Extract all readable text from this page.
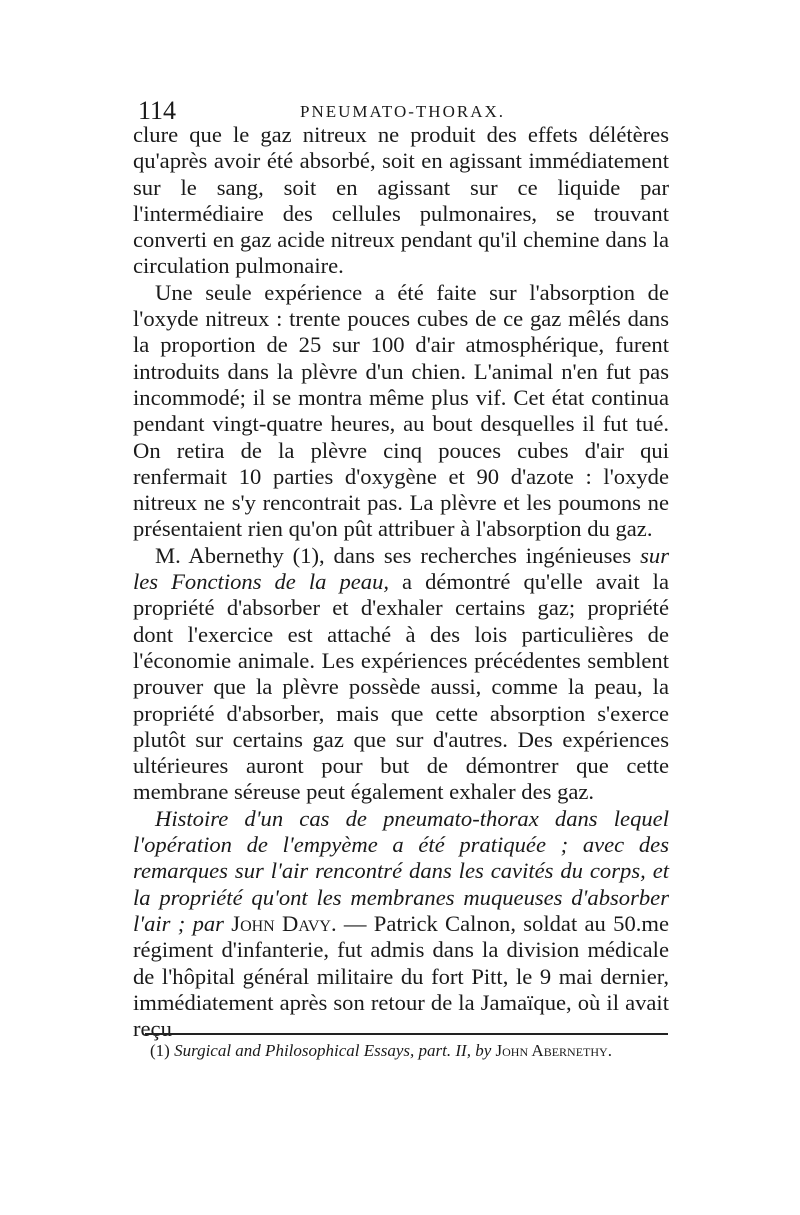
114	PNEUMATO-THORAX.

clure que le gaz nitreux ne produit des effets délétères qu'après avoir été absorbé, soit en agissant immédiatement sur le sang, soit en agissant sur ce liquide par l'intermédiaire des cellules pulmonaires, se trouvant converti en gaz acide nitreux pendant qu'il chemine dans la circulation pulmonaire.

Une seule expérience a été faite sur l'absorption de l'oxyde nitreux : trente pouces cubes de ce gaz mêlés dans la proportion de 25 sur 100 d'air atmosphérique, furent introduits dans la plèvre d'un chien. L'animal n'en fut pas incommodé; il se montra même plus vif. Cet état continua pendant vingt-quatre heures, au bout desquelles il fut tué. On retira de la plèvre cinq pouces cubes d'air qui renfermait 10 parties d'oxygène et 90 d'azote : l'oxyde nitreux ne s'y rencontrait pas. La plèvre et les poumons ne présentaient rien qu'on pût attribuer à l'absorption du gaz.

M. Abernethy (1), dans ses recherches ingénieuses sur les Fonctions de la peau, a démontré qu'elle avait la propriété d'absorber et d'exhaler certains gaz; propriété dont l'exercice est attaché à des lois particulières de l'économie animale. Les expériences précédentes semblent prouver que la plèvre possède aussi, comme la peau, la propriété d'absorber, mais que cette absorption s'exerce plutôt sur certains gaz que sur d'autres. Des expériences ultérieures auront pour but de démontrer que cette membrane séreuse peut également exhaler des gaz.

Histoire d'un cas de pneumato-thorax dans lequel l'opération de l'empyème a été pratiquée ; avec des remarques sur l'air rencontré dans les cavités du corps, et la propriété qu'ont les membranes muqueuses d'absorber l'air ; par John Davy. — Patrick Calnon, soldat au 50.me régiment d'infanterie, fut admis dans la division médicale de l'hôpital général militaire du fort Pitt, le 9 mai dernier, immédiatement après son retour de la Jamaïque, où il avait reçu

(1) Surgical and Philosophical Essays, part. II, by John Abernethy.
